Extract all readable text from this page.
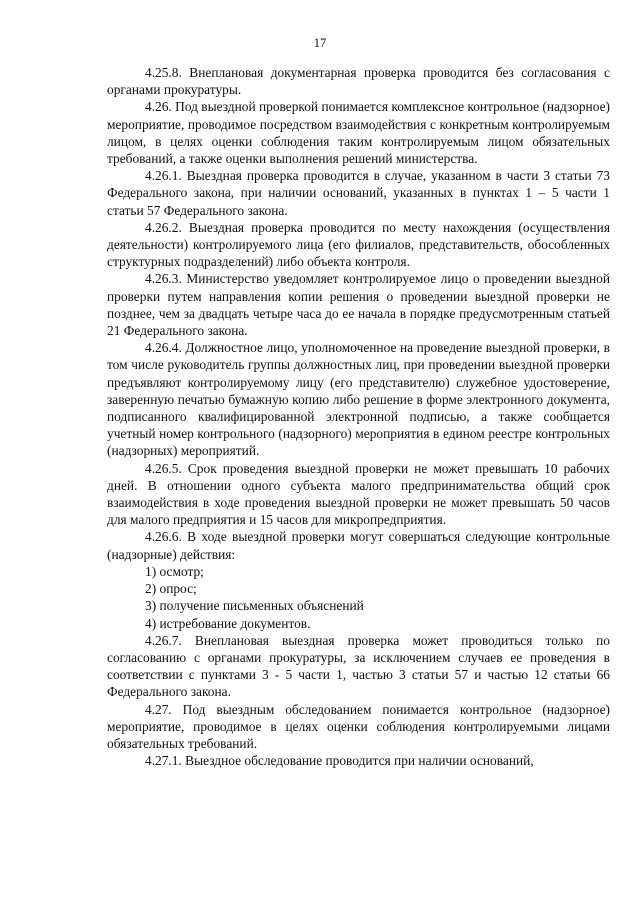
17

4.25.8. Внеплановая документарная проверка проводится без согласования с органами прокуратуры.

4.26. Под выездной проверкой понимается комплексное контрольное (надзорное) мероприятие, проводимое посредством взаимодействия с конкретным контролируемым лицом, в целях оценки соблюдения таким контролируемым лицом обязательных требований, а также оценки выполнения решений министерства.

4.26.1. Выездная проверка проводится в случае, указанном в части 3 статьи 73 Федерального закона, при наличии оснований, указанных в пунктах 1 – 5 части 1 статьи 57 Федерального закона.

4.26.2. Выездная проверка проводится по месту нахождения (осуществления деятельности) контролируемого лица (его филиалов, представительств, обособленных структурных подразделений) либо объекта контроля.

4.26.3. Министерство уведомляет контролируемое лицо о проведении выездной проверки путем направления копии решения о проведении выездной проверки не позднее, чем за двадцать четыре часа до ее начала в порядке предусмотренным статьей 21 Федерального закона.

4.26.4. Должностное лицо, уполномоченное на проведение выездной проверки, в том числе руководитель группы должностных лиц, при проведении выездной проверки предъявляют контролируемому лицу (его представителю) служебное удостоверение, заверенную печатью бумажную копию либо решение в форме электронного документа, подписанного квалифицированной электронной подписью, а также сообщается учетный номер контрольного (надзорного) мероприятия в едином реестре контрольных (надзорных) мероприятий.

4.26.5. Срок проведения выездной проверки не может превышать 10 рабочих дней. В отношении одного субъекта малого предпринимательства общий срок взаимодействия в ходе проведения выездной проверки не может превышать 50 часов для малого предприятия и 15 часов для микропредприятия.

4.26.6. В ходе выездной проверки могут совершаться следующие контрольные (надзорные) действия:

1) осмотр;

2) опрос;

3) получение письменных объяснений

4) истребование документов.

4.26.7. Внеплановая выездная проверка может проводиться только по согласованию с органами прокуратуры, за исключением случаев ее проведения в соответствии с пунктами 3 - 5 части 1, частью 3 статьи 57 и частью 12 статьи 66 Федерального закона.

4.27. Под выездным обследованием понимается контрольное (надзорное) мероприятие, проводимое в целях оценки соблюдения контролируемыми лицами обязательных требований.

4.27.1. Выездное обследование проводится при наличии оснований,
